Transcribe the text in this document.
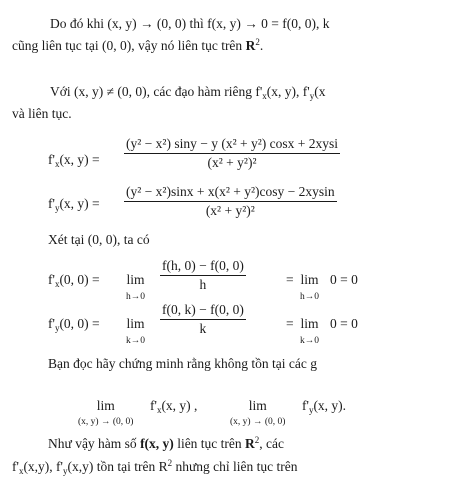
Do đó khi (x, y) → (0, 0) thì f(x, y) → 0 = f(0, 0), k
cũng liên tục tại (0, 0), vậy nó liên tục trên $R^2$.
Với (x, y) ≠ (0, 0), các đạo hàm riêng $f'_x(x$, y), $f'_y(x$
và liên tục.
$f'_x(x$, y) =
(y² − x²) siny − y (x² + y²) cosx + 2xysi
(x² + y²)²
$f'_y(x$, $y) = \frac{\text{(y² − x²)sinx + x(x² + y²)cosy − 2xysin}}{\text{(x² + y²)²}}$
Xét tại (0, 0), ta có
$f'_x(0$, 0) = lim
h→0
$\frac{f(h, 0) - f(0, 0)}{h}$	= lim
h→0
0 = 0
$f'_y(0$, 0) = lim
k→0
$\frac{f(0, k) - f(0, 0)}{k}$	= lim
k→0
0 = 0
Bạn đọc hãy chứng minh rằng không tồn tại các g
lim
(x, y) → (0, 0)
$f'_x(x$, y) ,	lim
(x, y) → (0, 0)
$f'_y(x$, y).
Như vậy hàm số f(x, y) liên tục trên $R^2$, các
$f'_x(x,y)$, $f'_y(x,y)$ tồn tại trên $R^2$ nhưng chỉ liên tục trên
